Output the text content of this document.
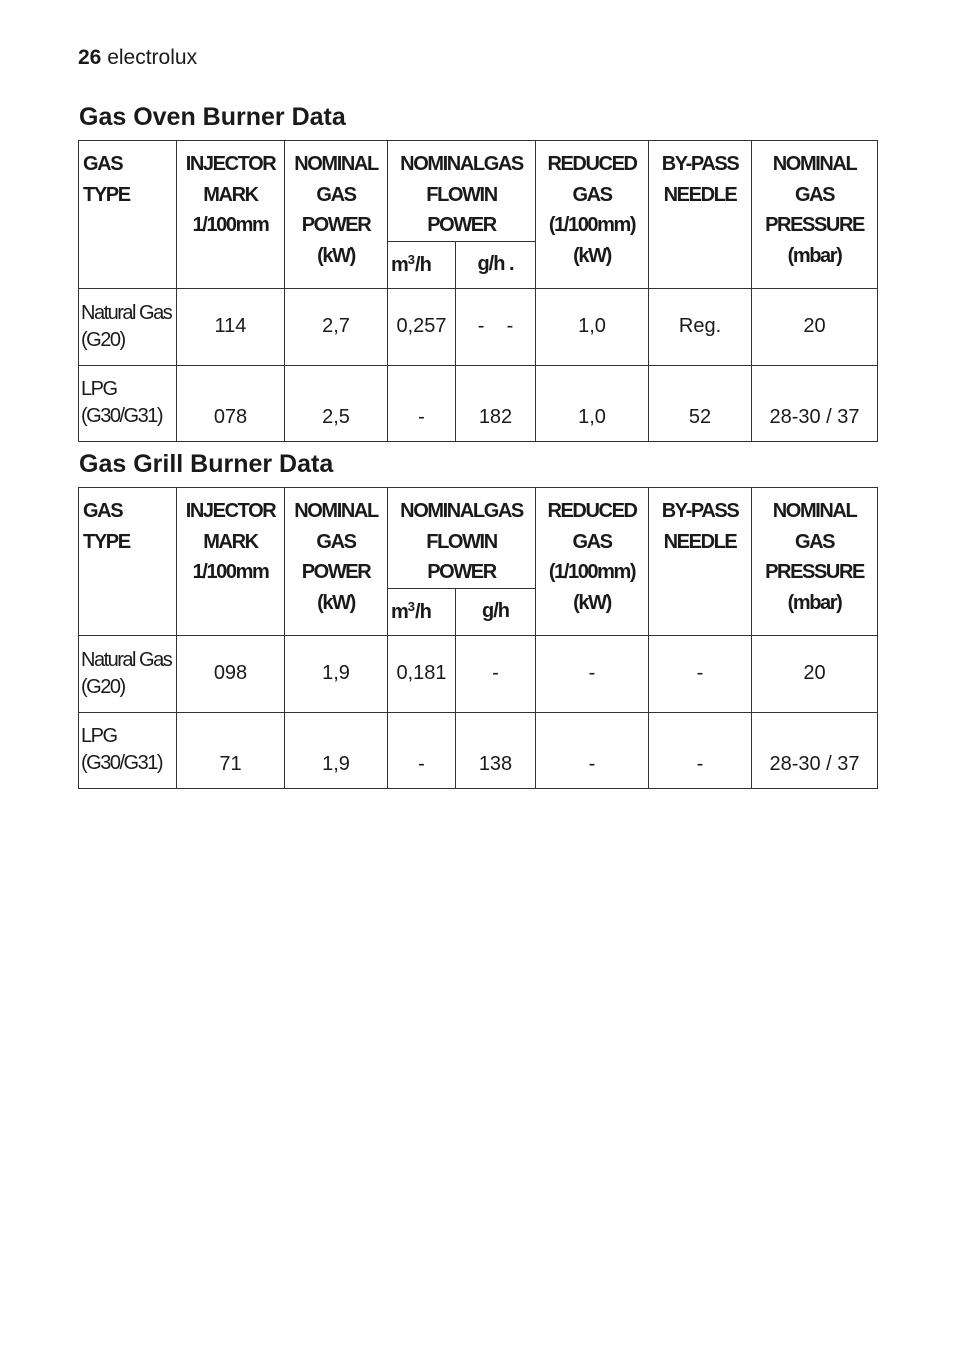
26 electrolux
Gas Oven Burner Data
GAS
TYPE	INJECTOR
MARK
1/100mm	NOMINAL
GAS
POWER
(kW)	NOMINALGAS
FLOWIN
POWER		REDUCED
GAS
(1/100mm)
(kW)	BY-PASS
NEEDLE	NOMINAL
GAS
PRESSURE
(mbar)
			$m^3/h$	g/h .			
Natural Gas
(G20)	114	2,7	0,257	-    -	1,0	Reg.	20
LPG
(G30/G31)	078	2,5	-	182	1,0	52	28-30 / 37
Gas Grill Burner Data
GAS
TYPE	INJECTOR
MARK
1/100mm	NOMINAL
GAS
POWER
(kW)	NOMINALGAS
FLOWIN
POWER		REDUCED
GAS
(1/100mm)
(kW)	BY-PASS
NEEDLE	NOMINAL
GAS
PRESSURE
(mbar)
			$m^3/h$	g/h			
Natural Gas
(G20)	098	1,9	0,181	-	-	-	20
LPG
(G30/G31)	71	1,9	-	138	-	-	28-30 / 37
